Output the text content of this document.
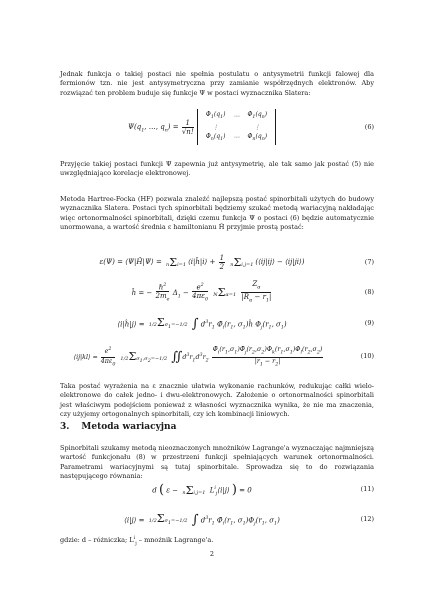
Jednak funkcja o takiej postaci nie spełnia postulatu o antysymetrii funkcji falowej dla fermionów tzn. nie jest antysymetryczna przy zamianie współrzędnych elektronów. Aby rozwiązać ten problem buduje się funkcje Ψ w postaci wyznacznika Slatera:

$\Psi(q_1$, …, $q_n) = \frac{1}{√n!}$

$\Phi_1(q_1)$	⋯	$\Phi_1(q_n)$
⋮		⋮
$\Phi_n(q_1)$	⋯	$\Phi_n(q_n)$
(6)

Przyjęcie takiej postaci funkcji Ψ zapewnia już antysymetrię, ale tak samo jak postać (5) nie uwzględniająco korelacje elektronowej.

Metoda Hartree-Focka (HF) pozwala znaleźć najlepszą postać spinorbitali użytych do budowy wyznacznika Slatera. Postaci tych spinorbitali będziemy szukać metodą wariacyjną nakładając więc ortonormalności spinorbitali, dzięki czemu funkcja Ψ o postaci (6) będzie automatycznie unormowana, a wartość średnia ε hamiltonianu Ĥ przyjmie prostą postać:

ε(Ψ) = ⟨Ψ|Ĥ|Ψ⟩ = nΣi=1 ⟨i|ĥ|i⟩ + $\frac{1}{2} n\Sigma i,j=1$ (⟨ij|ij⟩ − ⟨ij|ji⟩)	(7)
ĥ = − $\frac{\hbar^2}{2m_e} \Delta_1 - \frac{e^2}{4\pi\varepsilon_0} N\Sigma\alpha=1 \frac{Z_\alpha}{|R_\alpha - r_1|}$	(8)
⟨i|ĥ|j⟩ = $1/2\Sigma\sigma_1=-1/2$ ∫ $d^3r_1$ $\Phī_i(r_1$, $\sigma_1)ĥ$ $\Phi_j(r_1$, $\sigma_1$)	(9)
⟨ij|kl⟩ = $\frac{e^2}{4\pi\varepsilon_0} 1/2\Sigma\sigma_1,\sigma_2=-1/2$ $∬d^3r_1d^3r_2 \frac{\Phī_i(r_1,\sigma_1)\Phī_j(r_2,\sigma_2)\Phi_k(r_1,\sigma_1)\Phi_l(r_2,\sigma_2)}{|r_1 - r_2|}$	(10)

Taka postać wyrażenia na ε znacznie ułatwia wykonanie rachunków, redukując całki wielo-elektronowe do całek jedno- i dwu-elektronowych. Założenie o ortonormalności spinorbitali jest właściwym podejściem ponieważ z własności wyznacznika wynika, że nie ma znaczenia, czy użyjemy ortogonalnych spinorbitali, czy ich kombinacji liniowych.

3. Metoda wariacyjna

Spinorbitali szukamy metodą nieoznaczonych mnożników Lagrange'a wyznaczając najmniejszą wartość funkcjonału (8) w przestrzeni funkcji spełniających warunek ortonormalności. Parametrami wariacyjnymi są tutaj spinorbitale. Sprowadza się to do rozwiązania następującego równania:

d ( ε − nΣi,j=1 $L^i_j⟨i|j⟩$ ) = 0	(11)
⟨i|j⟩ = $1/2\Sigma\sigma_1=-1/2$ ∫ $d^3r_1$ $\Phī_i(r_1$, $\sigma_1)\Phi_j(r_1$, $\sigma_1$)	(12)

gdzie: d – różniczka; $L^i_j$ – mnożnik Lagrange'a.

2
